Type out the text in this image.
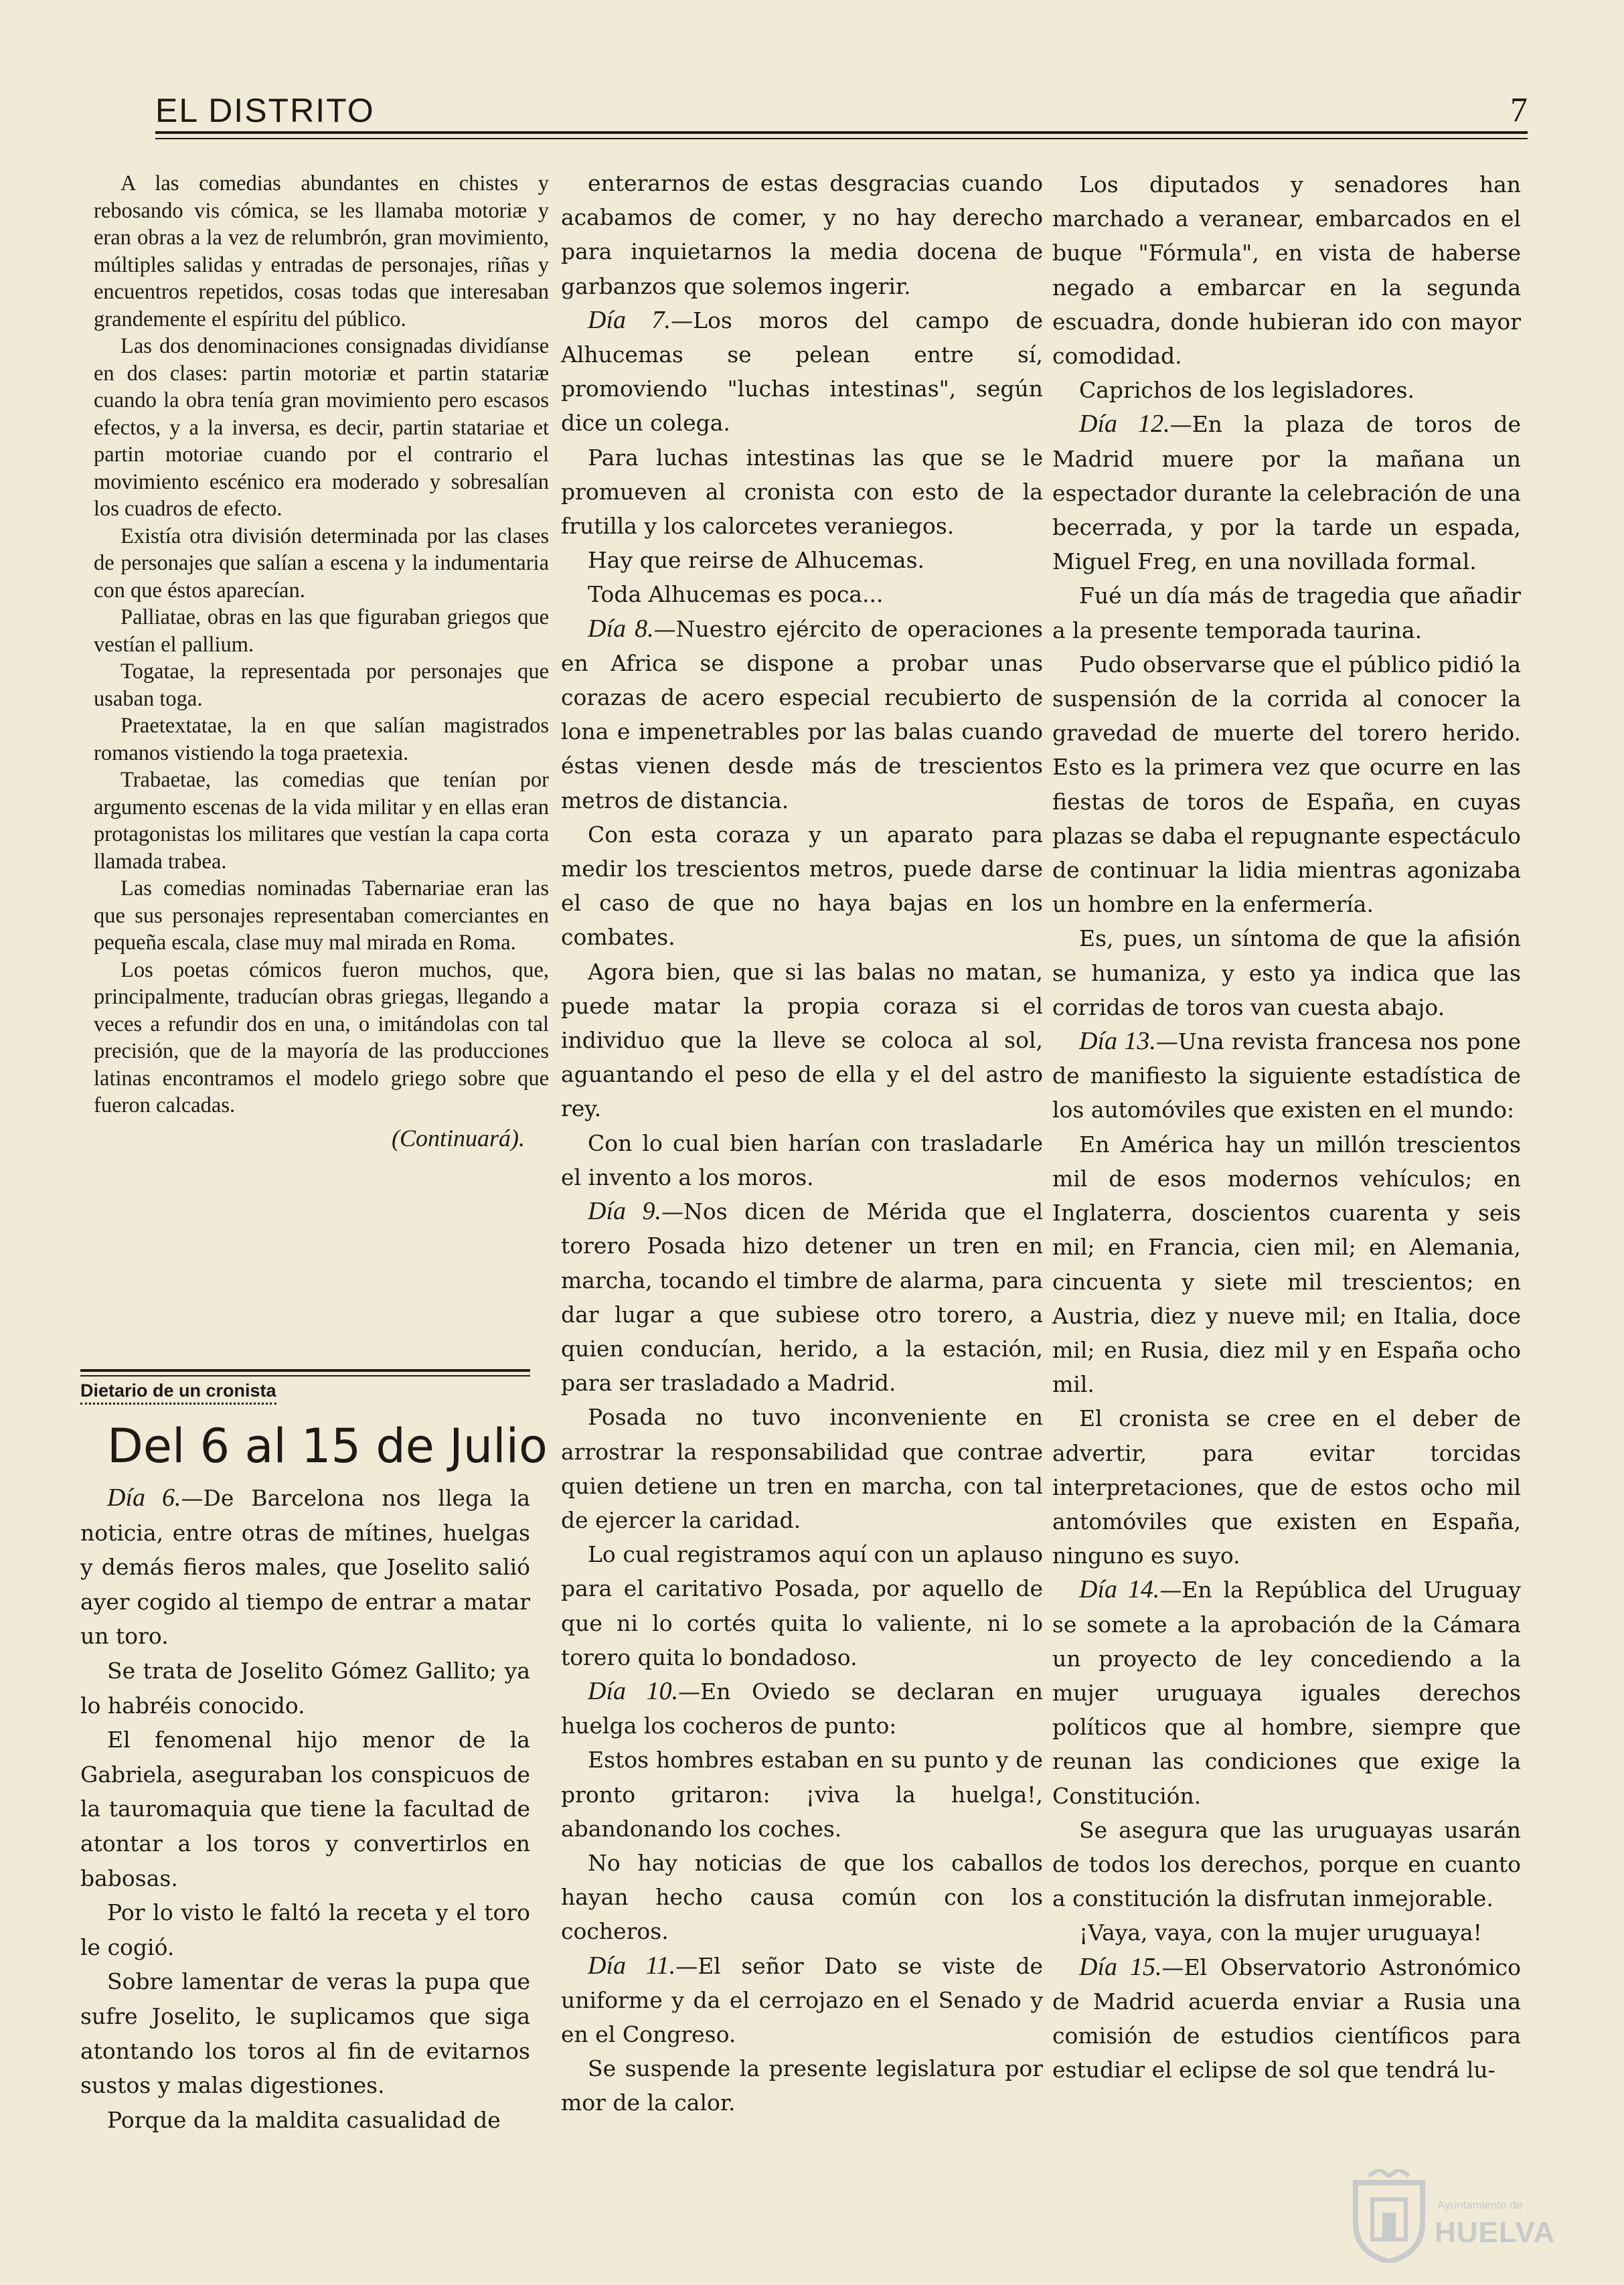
EL DISTRITO	7

A las comedias abundantes en chistes y rebosando vis cómica, se les llamaba motoriæ y eran obras a la vez de relumbrón, gran movimiento, múltiples salidas y entradas de personajes, riñas y encuentros repetidos, cosas todas que interesaban grandemente el espíritu del público.

Las dos denominaciones consignadas dividíanse en dos clases: partin motoriæ et partin statariæ cuando la obra tenía gran movimiento pero escasos efectos, y a la inversa, es decir, partin statariae et partin motoriae cuando por el contrario el movimiento escénico era moderado y sobresalían los cuadros de efecto.

Existía otra división determinada por las clases de personajes que salían a escena y la indumentaria con que éstos aparecían.

Palliatae, obras en las que figuraban griegos que vestían el pallium.

Togatae, la representada por personajes que usaban toga.

Praetextatae, la en que salían magistrados romanos vistiendo la toga praetexia.

Trabaetae, las comedias que tenían por argumento escenas de la vida militar y en ellas eran protagonistas los militares que vestían la capa corta llamada trabea.

Las comedias nominadas Tabernariae eran las que sus personajes representaban comerciantes en pequeña escala, clase muy mal mirada en Roma.

Los poetas cómicos fueron muchos, que, principalmente, traducían obras griegas, llegando a veces a refundir dos en una, o imitándolas con tal precisión, que de la mayoría de las producciones latinas encontramos el modelo griego sobre que fueron calcadas.

(Continuará).

Dietario de un cronista
Del 6 al 15 de Julio

Día 6.—De Barcelona nos llega la noticia, entre otras de mítines, huelgas y demás fieros males, que Joselito salió ayer cogido al tiempo de entrar a matar un toro.

Se trata de Joselito Gómez Gallito; ya lo habréis conocido.

El fenomenal hijo menor de la Gabriela, aseguraban los conspicuos de la tauromaquia que tiene la facultad de atontar a los toros y convertirlos en babosas.

Por lo visto le faltó la receta y el toro le cogió.

Sobre lamentar de veras la pupa que sufre Joselito, le suplicamos que siga atontando los toros al fin de evitarnos sustos y malas digestiones.

Porque da la maldita casualidad de

enterarnos de estas desgracias cuando acabamos de comer, y no hay derecho para inquietarnos la media docena de garbanzos que solemos ingerir.

Día 7.—Los moros del campo de Alhucemas se pelean entre sí, promoviendo "luchas intestinas", según dice un colega.

Para luchas intestinas las que se le promueven al cronista con esto de la frutilla y los calorcetes veraniegos.

Hay que reirse de Alhucemas.

Toda Alhucemas es poca...

Día 8.—Nuestro ejército de operaciones en Africa se dispone a probar unas corazas de acero especial recubierto de lona e impenetrables por las balas cuando éstas vienen desde más de trescientos metros de distancia.

Con esta coraza y un aparato para medir los trescientos metros, puede darse el caso de que no haya bajas en los combates.

Agora bien, que si las balas no matan, puede matar la propia coraza si el individuo que la lleve se coloca al sol, aguantando el peso de ella y el del astro rey.

Con lo cual bien harían con trasladarle el invento a los moros.

Día 9.—Nos dicen de Mérida que el torero Posada hizo detener un tren en marcha, tocando el timbre de alarma, para dar lugar a que subiese otro torero, a quien conducían, herido, a la estación, para ser trasladado a Madrid.

Posada no tuvo inconveniente en arrostrar la responsabilidad que contrae quien detiene un tren en marcha, con tal de ejercer la caridad.

Lo cual registramos aquí con un aplauso para el caritativo Posada, por aquello de que ni lo cortés quita lo valiente, ni lo torero quita lo bondadoso.

Día 10.—En Oviedo se declaran en huelga los cocheros de punto:

Estos hombres estaban en su punto y de pronto gritaron: ¡viva la huelga!, abandonando los coches.

No hay noticias de que los caballos hayan hecho causa común con los cocheros.

Día 11.—El señor Dato se viste de uniforme y da el cerrojazo en el Senado y en el Congreso.

Se suspende la presente legislatura por mor de la calor.

Los diputados y senadores han marchado a veranear, embarcados en el buque "Fórmula", en vista de haberse negado a embarcar en la segunda escuadra, donde hubieran ido con mayor comodidad.

Caprichos de los legisladores.

Día 12.—En la plaza de toros de Madrid muere por la mañana un espectador durante la celebración de una becerrada, y por la tarde un espada, Miguel Freg, en una novillada formal.

Fué un día más de tragedia que añadir a la presente temporada taurina.

Pudo observarse que el público pidió la suspensión de la corrida al conocer la gravedad de muerte del torero herido. Esto es la primera vez que ocurre en las fiestas de toros de España, en cuyas plazas se daba el repugnante espectáculo de continuar la lidia mientras agonizaba un hombre en la enfermería.

Es, pues, un síntoma de que la afisión se humaniza, y esto ya indica que las corridas de toros van cuesta abajo.

Día 13.—Una revista francesa nos pone de manifiesto la siguiente estadística de los automóviles que existen en el mundo:

En América hay un millón trescientos mil de esos modernos vehículos; en Inglaterra, doscientos cuarenta y seis mil; en Francia, cien mil; en Alemania, cincuenta y siete mil trescientos; en Austria, diez y nueve mil; en Italia, doce mil; en Rusia, diez mil y en España ocho mil.

El cronista se cree en el deber de advertir, para evitar torcidas interpretaciones, que de estos ocho mil antomóviles que existen en España, ninguno es suyo.

Día 14.—En la República del Uruguay se somete a la aprobación de la Cámara un proyecto de ley concediendo a la mujer uruguaya iguales derechos políticos que al hombre, siempre que reunan las condiciones que exige la Constitución.

Se asegura que las uruguayas usarán de todos los derechos, porque en cuanto a constitución la disfrutan inmejorable.

¡Vaya, vaya, con la mujer uruguaya!

Día 15.—El Observatorio Astronómico de Madrid acuerda enviar a Rusia una comisión de estudios científicos para estudiar el eclipse de sol que tendrá lu-

Ayuntamiento de
HUELVA
